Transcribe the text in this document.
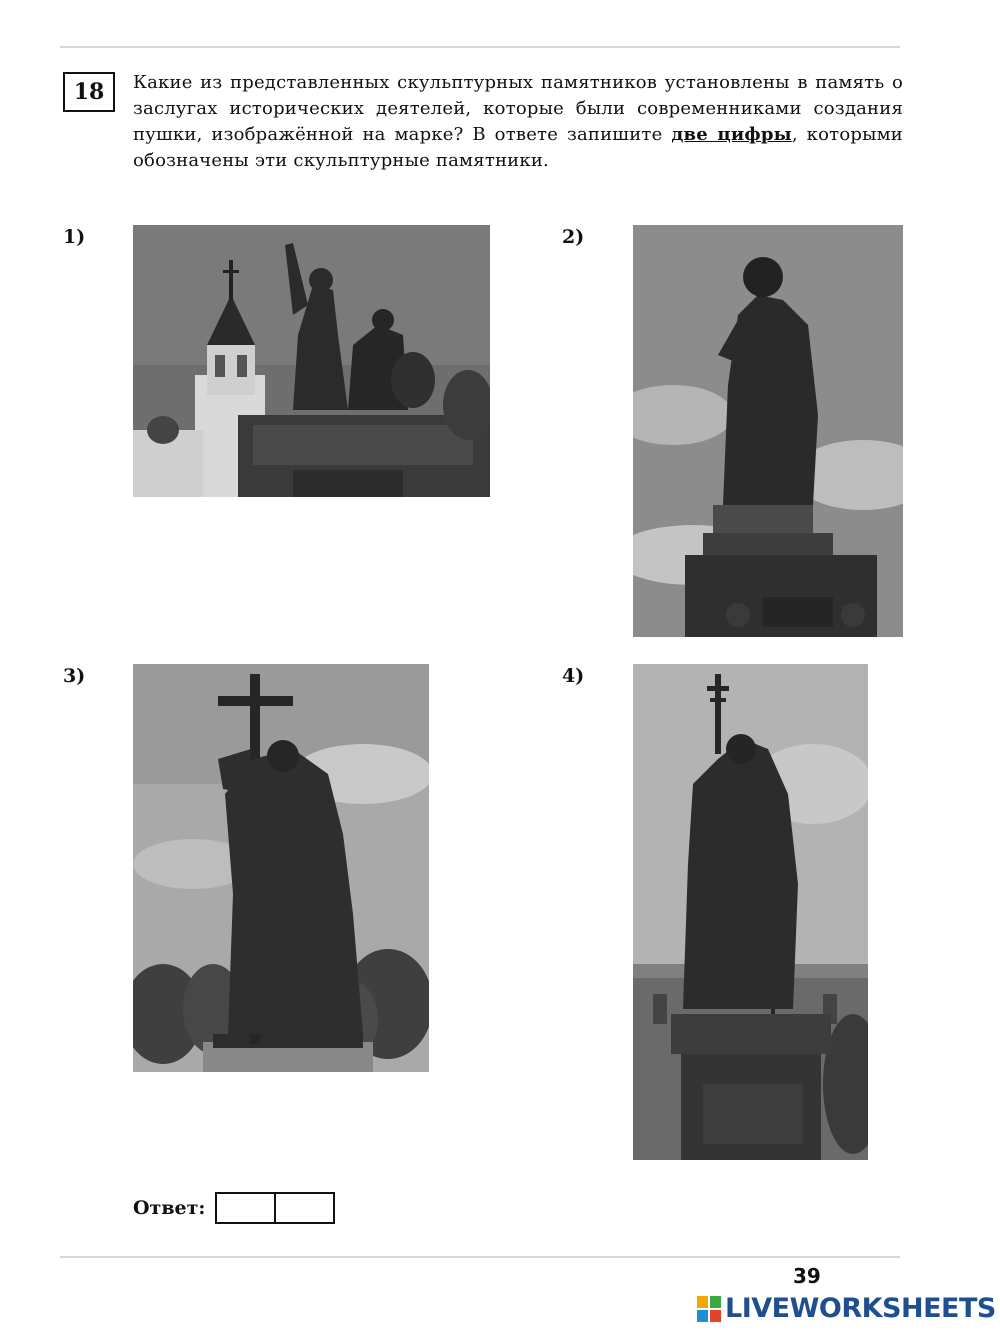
18	Какие из представленных скульптурных памятников установлены в память о заслугах исторических деятелей, которые были современниками создания пушки, изображённой на марке? В ответе запишите две цифры, которыми обозначены эти скульптурные памятники.
1)	2)
3)	4)
Ответ:
39
LIVEWORKSHEETS
